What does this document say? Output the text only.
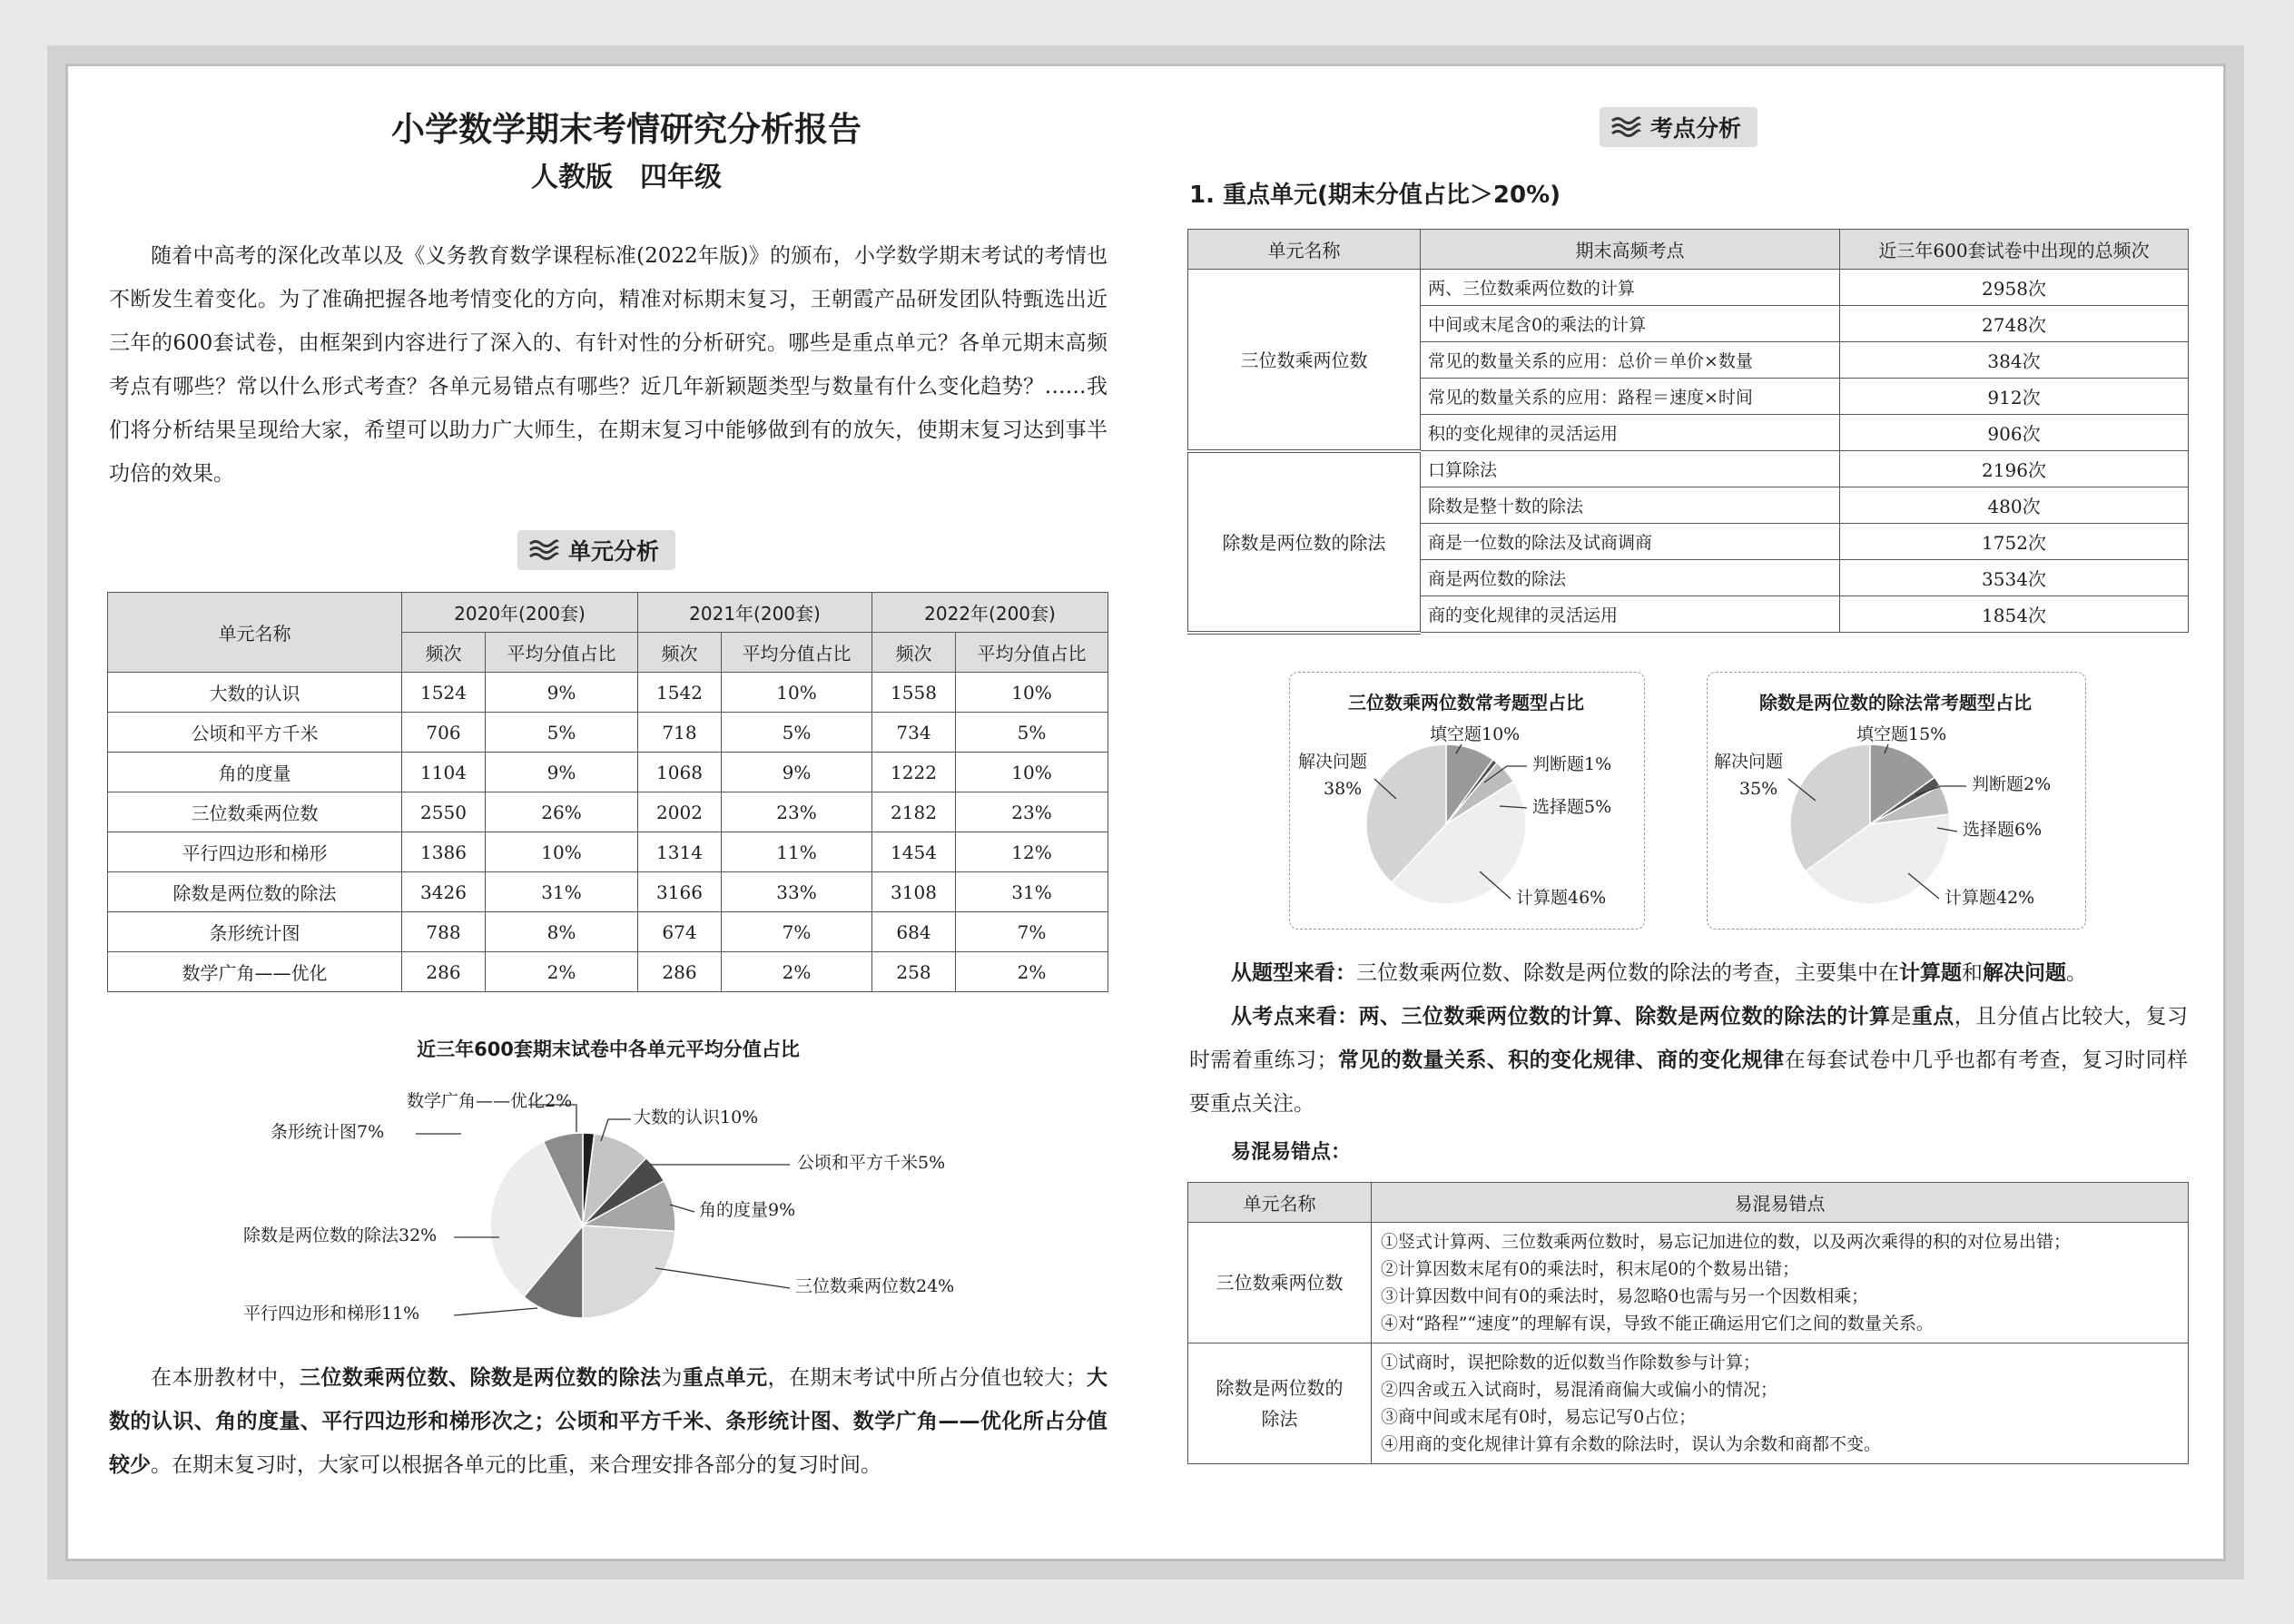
小学数学期末考情研究分析报告
人教版　四年级
随着中高考的深化改革以及《义务教育数学课程标准(2022年版)》的颁布，小学数学期末考试的考情也不断发生着变化。为了准确把握各地考情变化的方向，精准对标期末复习，王朝霞产品研发团队特甄选出近三年的600套试卷，由框架到内容进行了深入的、有针对性的分析研究。哪些是重点单元？各单元期末高频考点有哪些？常以什么形式考查？各单元易错点有哪些？近几年新颖题类型与数量有什么变化趋势？……我们将分析结果呈现给大家，希望可以助力广大师生，在期末复习中能够做到有的放矢，使期末复习达到事半功倍的效果。
单元分析
单元名称	2020年(200套)		2021年(200套)		2022年(200套)	
	频次	平均分值占比	频次	平均分值占比	频次	平均分值占比
大数的认识	1524	9%	1542	10%	1558	10%
公顷和平方千米	706	5%	718	5%	734	5%
角的度量	1104	9%	1068	9%	1222	10%
三位数乘两位数	2550	26%	2002	23%	2182	23%
平行四边形和梯形	1386	10%	1314	11%	1454	12%
除数是两位数的除法	3426	31%	3166	33%	3108	31%
条形统计图	788	8%	674	7%	684	7%
数学广角——优化	286	2%	286	2%	258	2%
近三年600套期末试卷中各单元平均分值占比
数学广角——优化2%
大数的认识10%
公顷和平方千米5%
角的度量9%
三位数乘两位数24%
平行四边形和梯形11%
除数是两位数的除法32%
条形统计图7%
在本册教材中，三位数乘两位数、除数是两位数的除法为重点单元，在期末考试中所占分值也较大；大数的认识、角的度量、平行四边形和梯形次之；公顷和平方千米、条形统计图、数学广角——优化所占分值较少。在期末复习时，大家可以根据各单元的比重，来合理安排各部分的复习时间。
考点分析
1. 重点单元(期末分值占比＞20%)
单元名称	期末高频考点	近三年600套试卷中出现的总频次
三位数乘两位数	两、三位数乘两位数的计算	2958次
	中间或末尾含0的乘法的计算	2748次
	常见的数量关系的应用：总价＝单价×数量	384次
	常见的数量关系的应用：路程＝速度×时间	912次
	积的变化规律的灵活运用	906次
除数是两位数的除法	口算除法	2196次
	除数是整十数的除法	480次
	商是一位数的除法及试商调商	1752次
	商是两位数的除法	3534次
	商的变化规律的灵活运用	1854次
三位数乘两位数常考题型占比
填空题10%
判断题1%
选择题5%
计算题46%
解决问题
38%
除数是两位数的除法常考题型占比
填空题15%
判断题2%
选择题6%
计算题42%
解决问题
35%
从题型来看：三位数乘两位数、除数是两位数的除法的考查，主要集中在计算题和解决问题。
从考点来看：两、三位数乘两位数的计算、除数是两位数的除法的计算是重点，且分值占比较大，复习时需着重练习；常见的数量关系、积的变化规律、商的变化规律在每套试卷中几乎也都有考查，复习时同样要重点关注。
易混易错点：
单元名称	易混易错点
三位数乘两位数	①竖式计算两、三位数乘两位数时，易忘记加进位的数，以及两次乘得的积的对位易出错；
②计算因数末尾有0的乘法时，积末尾0的个数易出错；
③计算因数中间有0的乘法时，易忽略0也需与另一个因数相乘；
④对“路程”“速度”的理解有误，导致不能正确运用它们之间的数量关系。

除数是两位数的除法	①试商时，误把除数的近似数当作除数参与计算；
②四舍或五入试商时，易混淆商偏大或偏小的情况；
③商中间或末尾有0时，易忘记写0占位；
④用商的变化规律计算有余数的除法时，误认为余数和商都不变。
